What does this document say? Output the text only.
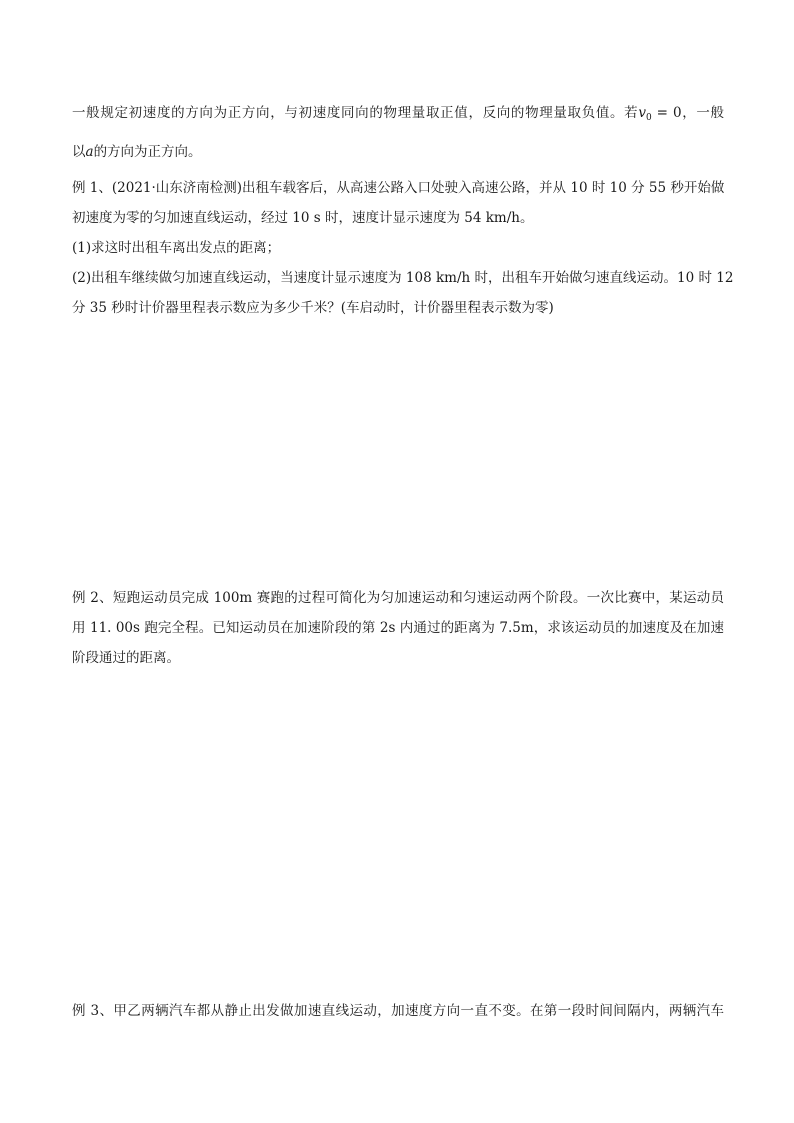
一般规定初速度的方向为正方向，与初速度同向的物理量取正值，反向的物理量取负值。若$v_0 = 0$，一般
以a的方向为正方向。
例 1、(2021·山东济南检测)出租车载客后，从高速公路入口处驶入高速公路，并从 10 时 10 分 55 秒开始做
初速度为零的匀加速直线运动，经过 10 s 时，速度计显示速度为 54 km/h。
(1)求这时出租车离出发点的距离；
(2)出租车继续做匀加速直线运动，当速度计显示速度为 108 km/h 时，出租车开始做匀速直线运动。10 时 12
分 35 秒时计价器里程表示数应为多少千米？(车启动时，计价器里程表示数为零)
例 2、短跑运动员完成 100m 赛跑的过程可简化为匀加速运动和匀速运动两个阶段。一次比赛中，某运动员
用 11. 00s 跑完全程。已知运动员在加速阶段的第 2s 内通过的距离为 7.5m，求该运动员的加速度及在加速
阶段通过的距离。
例 3、甲乙两辆汽车都从静止出发做加速直线运动，加速度方向一直不变。在第一段时间间隔内，两辆汽车
